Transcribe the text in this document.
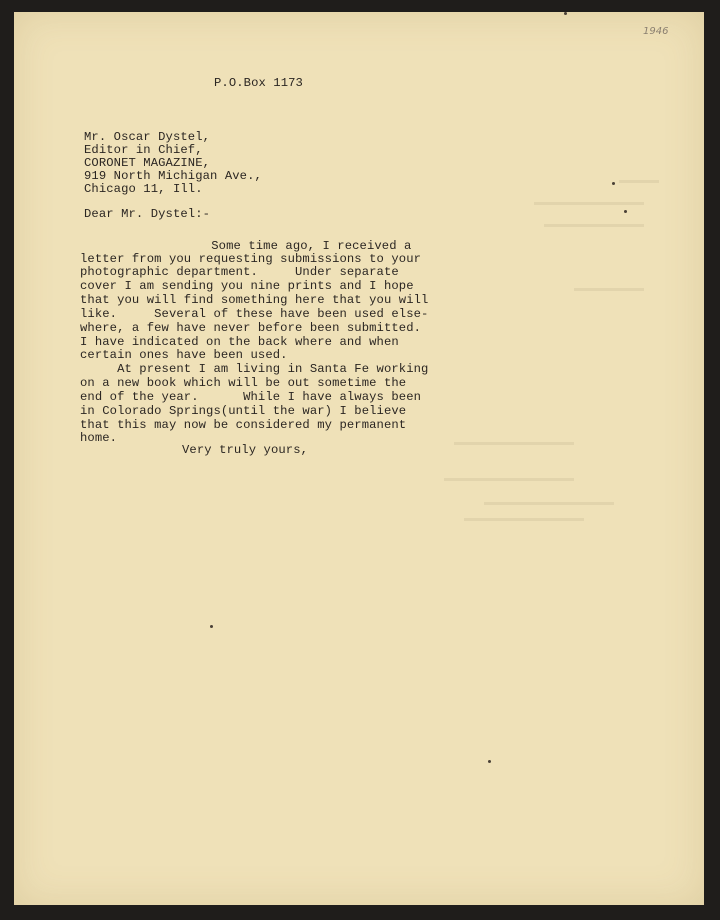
1946

P.O.Box 1173

Mr. Oscar Dystel,

Editor in Chief,

CORONET MAGAZINE,

919 North Michigan Ave.,

Chicago 11, Ill.

Dear Mr. Dystel:-

Some time ago, I received a

letter from you requesting submissions to your

photographic department.     Under separate

cover I am sending you nine prints and I hope

that you will find something here that you will

like.     Several of these have been used else-

where, a few have never before been submitted.

I have indicated on the back where and when

certain ones have been used.

At present I am living in Santa Fe working

on a new book which will be out sometime the

end of the year.      While I have always been

in Colorado Springs(until the war) I believe

that this may now be considered my permanent

home.

Very truly yours,
